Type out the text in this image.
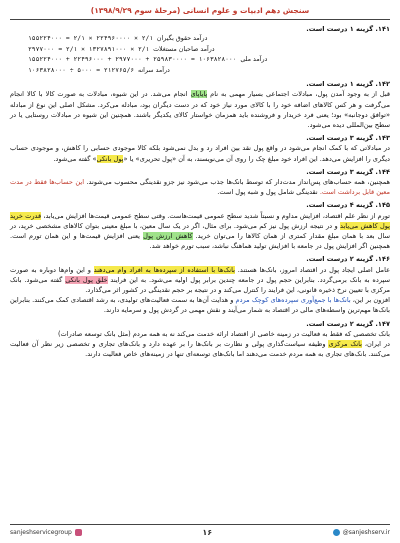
سنجش دهم ادبیات و علوم انسانی (مرحلهٔ سوم ۱۳۹۸/۹/۲۹)
۱۴۱. گزینه ۱ درست است.
۱۵۵۲۲۴۰۰۰ = ۲/۱ × ۲۲۴۹۶۰۰۰۰ × ۲/۱ درآمد حقوق بگیران
۲۹۷۷۰۰۰ = ۲/۱ × ۱۳۲۷۸۹۱۰۰۰ × ۲/۱ درآمد صاحبان مستغلات
۱۵۵۲۲۴۰۰۰ + ۲۲۴۹۶۰۰۰ + ۲۹۷۷۰۰۰ + ۲۵۹۸۳۰۰۰۰ = ۱۰۶۳۸۲۸۰۰۰ درآمد ملی
۱۰۶۳۸۲۸۰۰۰ ÷ ۵۰۰۰ = ۲۱۲۷۶۵/۶ درآمد سرانه
۱۴۲. گزینه ۱ درست است.

قبل از به وجود آمدن پول، مبادلات اجتماعی بسیار مهمی به نام پایاپای انجام می‌شد. در این شیوه، مبادلات به صورت کالا با کالا انجام می‌گرفت و هر کس کالاهای اضافه خود را با کالای مورد نیاز خود که در دست دیگران بود، مبادله می‌کرد. مشکل اصلی این نوع از مبادله «توافق دوجانبه» بود؛ یعنی فرد خریدار و فروشنده باید همزمان خواستار کالای یکدیگر باشند. همچنین این شیوه در مبادلات روستایی یا در سطح بین‌المللی دیده می‌شود.

۱۴۳. گزینه ۳ درست است.

در مبادلاتی که با کمک انجام می‌شود در واقع پول نقد بین افراد رد و بدل نمی‌شود بلکه کالا موجودی حسابی را کاهش، و موجودی حساب دیگری را افزایش می‌دهد. این افراد خود مبلغ چک را روی آن می‌نویسند، به آن «پول تحریری» یا «پول بانکی» گفته می‌شود.

۱۴۴. گزینه ۳ درست است.

همچنین، همه حساب‌های پس‌انداز مدت‌دار که توسط بانک‌ها جذب می‌شود نیز جزو نقدینگی محسوب می‌شوند. این حساب‌ها فقط در مدت معین قابل برداشت است. نقدینگی شامل پول و شبه پول است.

۱۴۵. گزینه ۴ درست است.

تورم از نظر علم اقتصاد، افزایش مداوم و نسبتاً شدید سطح عمومی قیمت‌هاست. وقتی سطح عمومی قیمت‌ها افزایش می‌یابد، قدرت خرید پول کاهش می‌یابد و در نتیجه ارزش پول نیز کم می‌شود. برای مثال، اگر در یک سال معین، با مبلغ معینی بتوان کالاهای مشخصی خرید، در سال بعد با همان مبلغ مقدار کمتری از همان کالاها را می‌توان خرید. کاهش ارزش پول یعنی افزایش قیمت‌ها و این همان تورم است. همچنین اگر افزایش پول در جامعه با افزایش تولید هماهنگ نباشد، سبب تورم خواهد شد.

۱۴۶. گزینه ۲ درست است.

عامل اصلی ایجاد پول در اقتصاد امروز، بانک‌ها هستند. بانک‌ها با استفاده از سپرده‌ها به افراد وام می‌دهند و این وام‌ها دوباره به صورت سپرده به بانک برمی‌گردد. بنابراین حجم پول در جامعه چندین برابر پول اولیه می‌شود. به این فرایند خلق پول بانکی گفته می‌شود. بانک مرکزی با تعیین نرخ ذخیره قانونی، این فرایند را کنترل می‌کند و در نتیجه بر حجم نقدینگی در کشور اثر می‌گذارد.

افزون بر این، بانک‌ها با جمع‌آوری سپرده‌های کوچک مردم و هدایت آن‌ها به سمت فعالیت‌های تولیدی، به رشد اقتصادی کمک می‌کنند. بنابراین بانک‌ها مهم‌ترین واسطه‌های مالی در اقتصاد به شمار می‌آیند و نقش مهمی در گردش پول و سرمایه دارند.

۱۴۷. گزینه ۲ درست است.

بانک تخصصی که فقط به فعالیت در زمینه خاصی از اقتصاد ارائه خدمت می‌کند نه به همه مردم (مثل بانک توسعه صادرات)

در ایران، بانک مرکزی وظیفه سیاست‌گذاری پولی و نظارت بر بانک‌ها را بر عهده دارد و بانک‌های تجاری و تخصصی زیر نظر آن فعالیت می‌کنند. بانک‌های تجاری به همه مردم خدمت می‌دهند اما بانک‌های توسعه‌ای تنها در زمینه‌های خاص فعالیت دارند.

@sanjeshserv.ir
۱۶
sanjeshservicegroup
